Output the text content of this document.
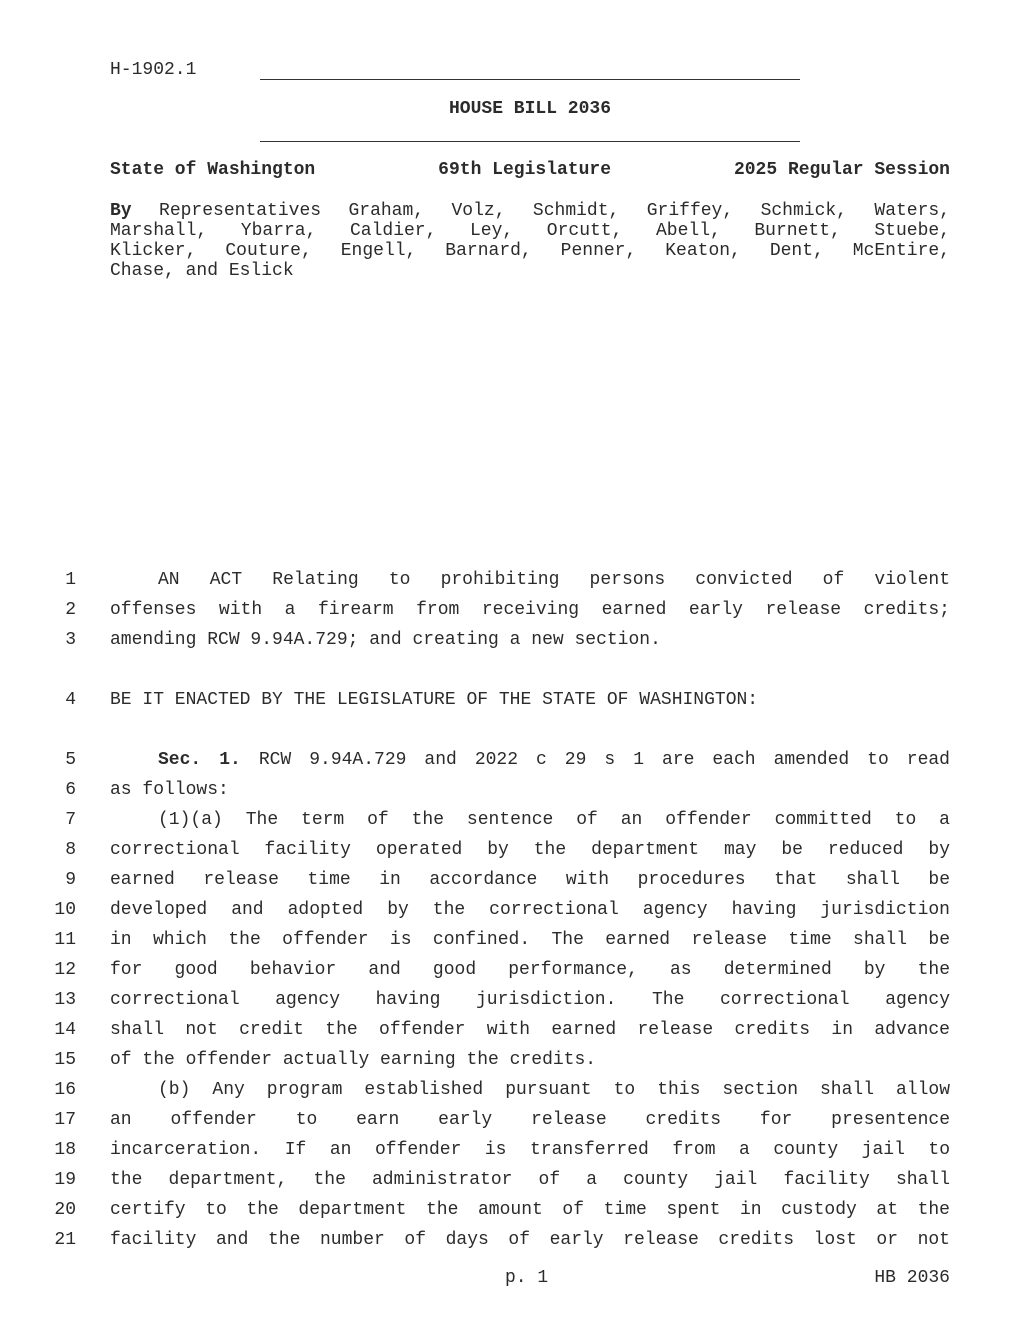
H-1902.1
HOUSE BILL 2036
State of Washington	69th Legislature	2025 Regular Session
By Representatives Graham, Volz, Schmidt, Griffey, Schmick, Waters,
Marshall, Ybarra, Caldier, Ley, Orcutt, Abell, Burnett, Stuebe,
Klicker, Couture, Engell, Barnard, Penner, Keaton, Dent, McEntire,
Chase, and Eslick
1	AN ACT Relating to prohibiting persons convicted of violent
2 offenses with a firearm from receiving earned early release credits;
3 amending RCW 9.94A.729; and creating a new section.
4 BE IT ENACTED BY THE LEGISLATURE OF THE STATE OF WASHINGTON:
5	Sec. 1. RCW 9.94A.729 and 2022 c 29 s 1 are each amended to read
6 as follows:
7	(1)(a) The term of the sentence of an offender committed to a
8 correctional facility operated by the department may be reduced by
9 earned release time in accordance with procedures that shall be
10 developed and adopted by the correctional agency having jurisdiction
11 in which the offender is confined. The earned release time shall be
12 for good behavior and good performance, as determined by the
13 correctional agency having jurisdiction. The correctional agency
14 shall not credit the offender with earned release credits in advance
15 of the offender actually earning the credits.
16	(b) Any program established pursuant to this section shall allow
17 an offender to earn early release credits for presentence
18 incarceration. If an offender is transferred from a county jail to
19 the department, the administrator of a county jail facility shall
20 certify to the department the amount of time spent in custody at the
21 facility and the number of days of early release credits lost or not
p. 1	HB 2036
